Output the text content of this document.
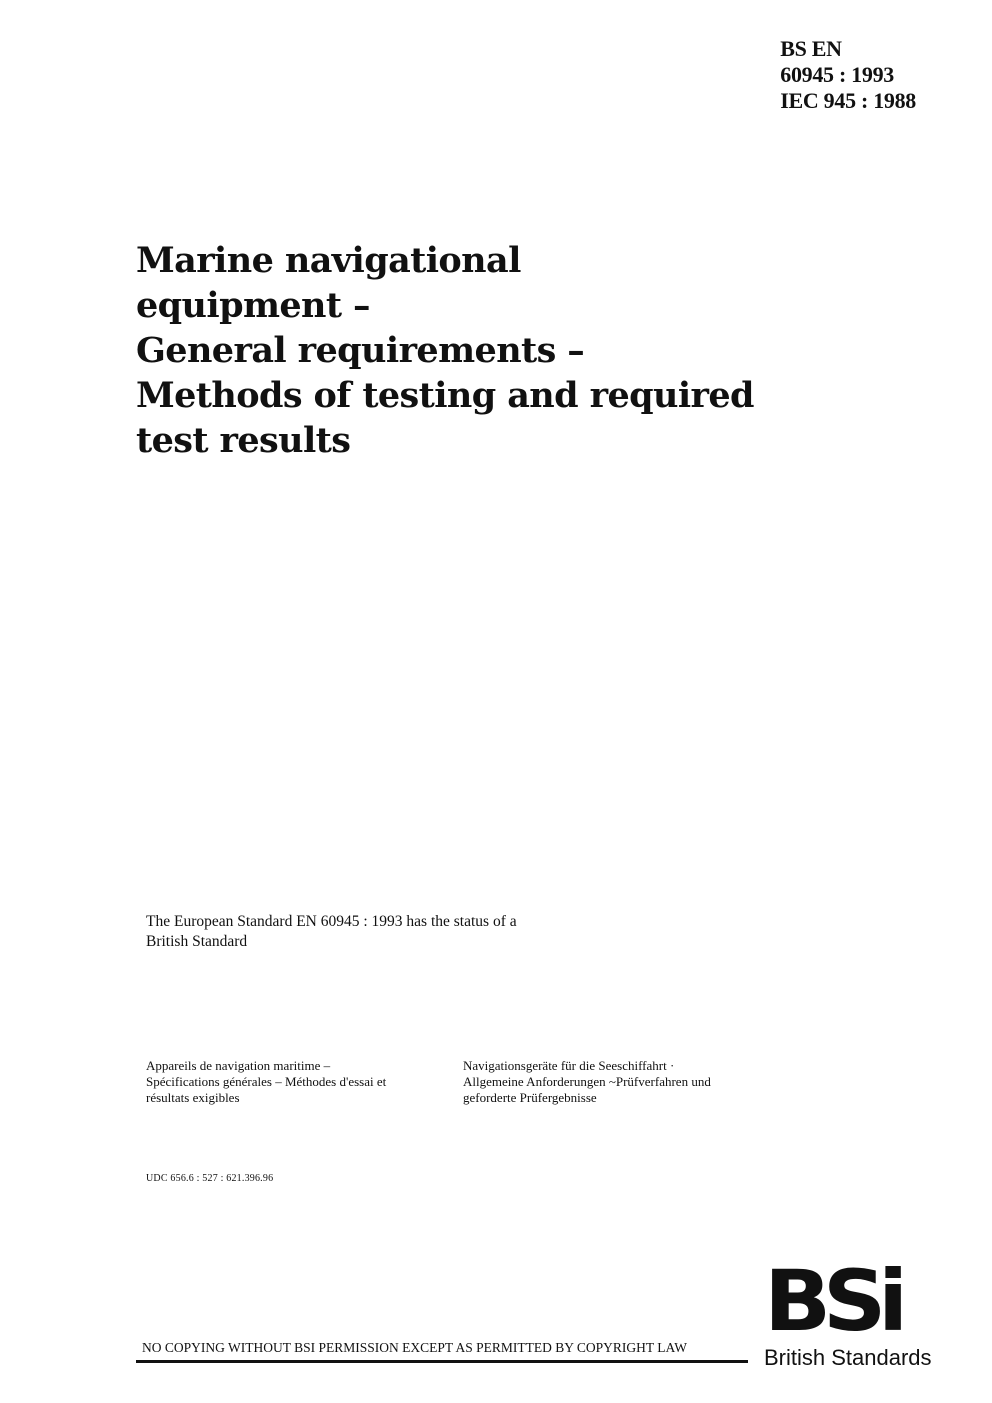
BS EN
60945 : 1993
IEC 945 : 1988
Marine navigational
equipment –
General requirements –
Methods of testing and required
test results
The European Standard EN 60945 : 1993 has the status of a
British Standard
Appareils de navigation maritime –
Spécifications générales – Méthodes d'essai et
résultats exigibles
Navigationsgeräte für die Seeschiffahrt ·
Allgemeine Anforderungen ~Prüfverfahren und
geforderte Prüfergebnisse
UDC 656.6 : 527 : 621.396.96
NO COPYING WITHOUT BSI PERMISSION EXCEPT AS PERMITTED BY COPYRIGHT LAW BSi
British Standards
